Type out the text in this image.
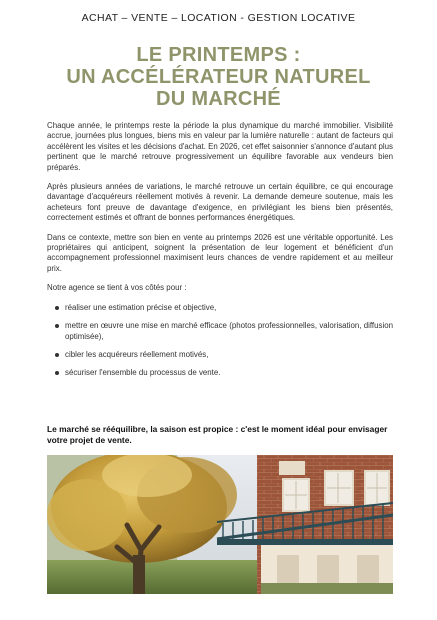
ACHAT – VENTE – LOCATION - GESTION LOCATIVE
LE PRINTEMPS :
UN ACCÉLÉRATEUR NATUREL
DU MARCHÉ

Chaque année, le printemps reste la période la plus dynamique du marché immobilier. Visibilité accrue, journées plus longues, biens mis en valeur par la lumière naturelle : autant de facteurs qui accélèrent les visites et les décisions d'achat. En 2026, cet effet saisonnier s'annonce d'autant plus pertinent que le marché retrouve progressivement un équilibre favorable aux vendeurs bien préparés.

Après plusieurs années de variations, le marché retrouve un certain équilibre, ce qui encourage davantage d'acquéreurs réellement motivés à revenir. La demande demeure soutenue, mais les acheteurs font preuve de davantage d'exigence, en privilégiant les biens bien présentés, correctement estimés et offrant de bonnes performances énergétiques.

Dans ce contexte, mettre son bien en vente au printemps 2026 est une véritable opportunité. Les propriétaires qui anticipent, soignent la présentation de leur logement et bénéficient d'un accompagnement professionnel maximisent leurs chances de vendre rapidement et au meilleur prix.

Notre agence se tient à vos côtés pour :

réaliser une estimation précise et objective,
mettre en œuvre une mise en marché efficace (photos professionnelles, valorisation, diffusion optimisée),
cibler les acquéreurs réellement motivés,
sécuriser l'ensemble du processus de vente.

Le marché se rééquilibre, la saison est propice : c'est le moment idéal pour envisager votre projet de vente.
